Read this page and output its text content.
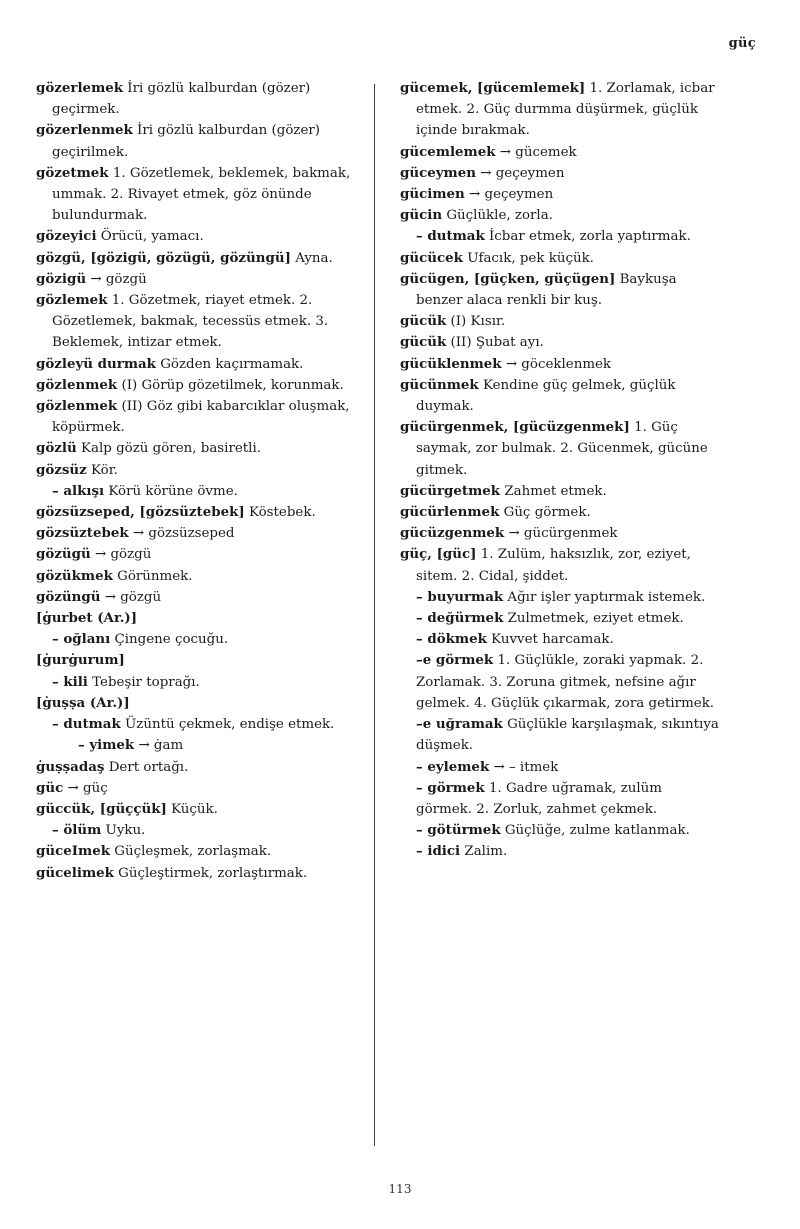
güç

gözerlemek İri gözlü kalburdan (gözer) geçirmek.

gözerlenmek İri gözlü kalburdan (gözer) geçirilmek.

gözetmek 1. Gözetlemek, beklemek, bakmak, ummak. 2. Rivayet etmek, göz önünde bulundurmak.

gözeyici Örücü, yamacı.

gözgü, [gözigü, gözügü, gözüngü] Ayna.

gözigü → gözgü

gözlemek 1. Gözetmek, riayet etmek. 2. Gözetlemek, bakmak, tecessüs etmek. 3. Beklemek, intizar etmek.

gözleyü durmak Gözden kaçırmamak.

gözlenmek (I) Görüp gözetilmek, korunmak.

gözlenmek (II) Göz gibi kabarcıklar oluşmak, köpürmek.

gözlü Kalp gözü gören, basiretli.

gözsüz Kör.

– alkışı Körü körüne övme.

gözsüzseped, [gözsüztebek] Köstebek.

gözsüztebek → gözsüzseped

gözügü → gözgü

gözükmek Görünmek.

gözüngü → gözgü

[ġurbet (Ar.)]

– oğlanı Çingene çocuğu.

[ġurġurum]

– kili Tebeşir toprağı.

[ġuṣṣa (Ar.)]

– dutmak Üzüntü çekmek, endişe etmek.

– yimek → ġam

ġuṣṣadaş Dert ortağı.

güc → güç

güccük, [güççük] Küçük.

– ölüm Uyku.

güceImek Güçleşmek, zorlaşmak.

gücelimek Güçleştirmek, zorlaştırmak.

gücemek, [gücemlemek] 1. Zorlamak, icbar etmek. 2. Güç durmma düşürmek, güçlük içinde bırakmak.

gücemlemek → gücemek

güceymen → geçeymen

gücimen → geçeymen

gücin Güçlükle, zorla.

– dutmak İcbar etmek, zorla yaptırmak.

gücücek Ufacık, pek küçük.

gücügen, [güçken, güçügen] Baykuşa benzer alaca renkli bir kuş.

gücük (I) Kısır.

gücük (II) Şubat ayı.

gücüklenmek → göceklenmek

gücünmek Kendine güç gelmek, güçlük duymak.

gücürgenmek, [gücüzgenmek] 1. Güç saymak, zor bulmak. 2. Gücenmek, gücüne gitmek.

gücürgetmek Zahmet etmek.

gücürlenmek Güç görmek.

gücüzgenmek → gücürgenmek

güç, [güc] 1. Zulüm, haksızlık, zor, eziyet, sitem. 2. Cidal, şiddet.

– buyurmak Ağır işler yaptırmak istemek.

– değürmek Zulmetmek, eziyet etmek.

– dökmek Kuvvet harcamak.

–e görmek 1. Güçlükle, zoraki yapmak. 2. Zorlamak. 3. Zoruna gitmek, nefsine ağır gelmek. 4. Güçlük çıkarmak, zora getirmek.

–e uğramak Güçlükle karşılaşmak, sıkıntıya düşmek.

– eylemek → – itmek

– görmek 1. Gadre uğramak, zulüm görmek. 2. Zorluk, zahmet çekmek.

– götürmek Güçlüğe, zulme katlanmak.

– idici Zalim.

113
